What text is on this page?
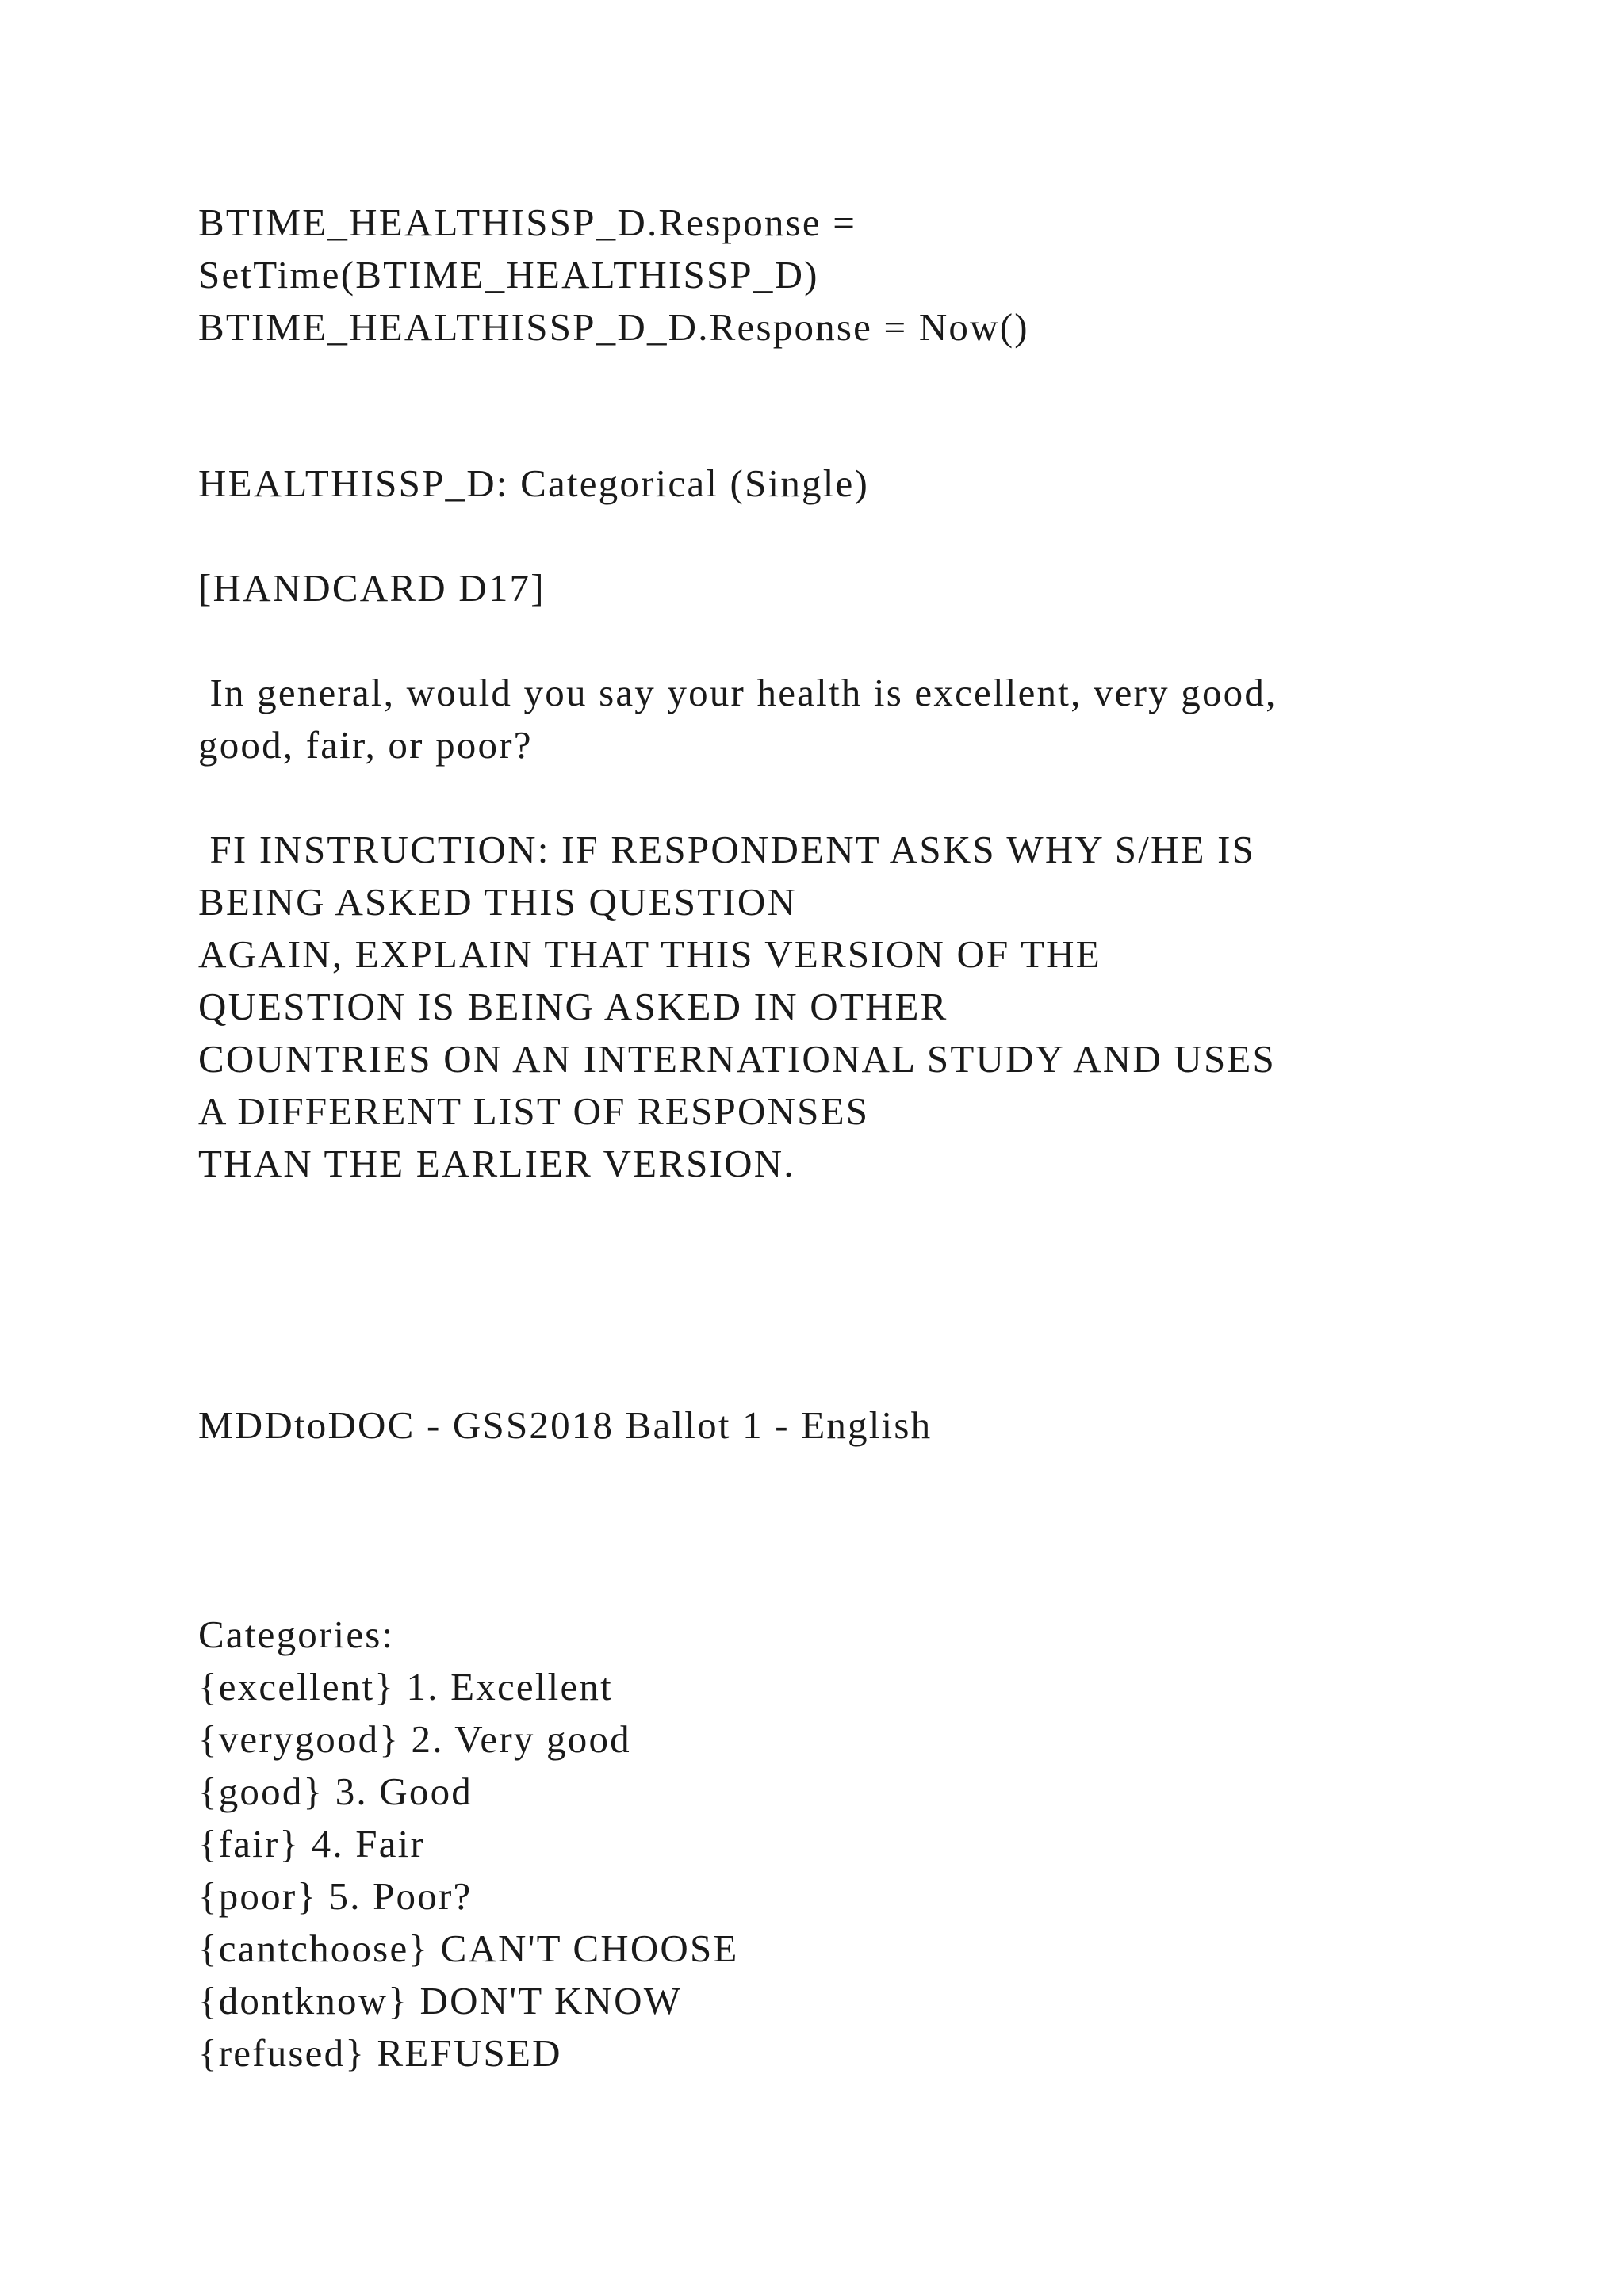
BTIME_HEALTHISSP_D.Response =

SetTime(BTIME_HEALTHISSP_D)

BTIME_HEALTHISSP_D_D.Response = Now()

HEALTHISSP_D: Categorical (Single)

[HANDCARD D17]

In general, would you say your health is excellent, very good,

good, fair, or poor?

FI INSTRUCTION: IF RESPONDENT ASKS WHY S/HE IS

BEING ASKED THIS QUESTION

AGAIN, EXPLAIN THAT THIS VERSION OF THE

QUESTION IS BEING ASKED IN OTHER

COUNTRIES ON AN INTERNATIONAL STUDY AND USES

A DIFFERENT LIST OF RESPONSES

THAN THE EARLIER VERSION.

MDDtoDOC - GSS2018 Ballot 1 - English

Categories:

{excellent} 1. Excellent

{verygood} 2. Very good

{good} 3. Good

{fair} 4. Fair

{poor} 5. Poor?

{cantchoose} CAN'T CHOOSE

{dontknow} DON'T KNOW

{refused} REFUSED
